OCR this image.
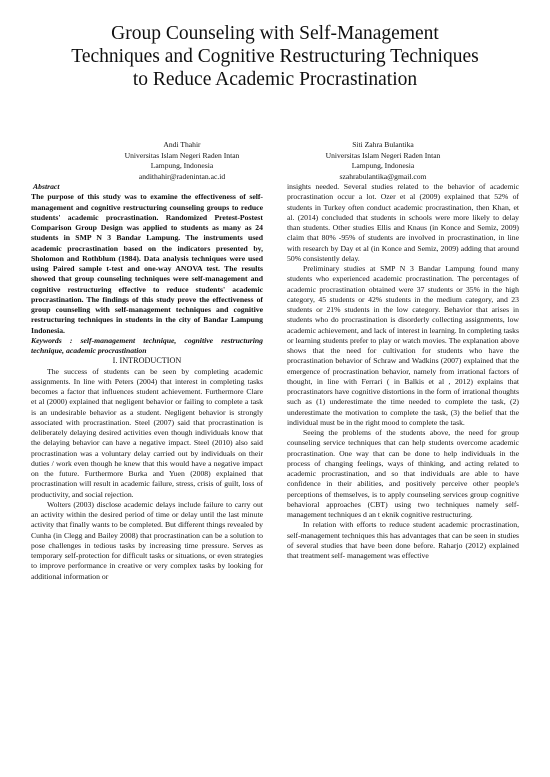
Group Counseling with Self-Management
Techniques and Cognitive Restructuring Techniques
to Reduce Academic Procrastination
Andi Thahir
Universitas Islam Negeri Raden Intan
Lampung, Indonesia
andithahir@radenintan.ac.id
Siti Zahra Bulantika
Universitas Islam Negeri Raden Intan
Lampung, Indonesia
szahrabulantika@gmail.com

Abstract

The purpose of this study was to examine the effectiveness of self-management and cognitive restructuring counseling groups to reduce students' academic procrastination. Randomized Pretest-Postest Comparison Group Design was applied to students as many as 24 students in SMP N 3 Bandar Lampung. The instruments used academic procrastination based on the indicators presented by, Sholomon and Rothblum (1984). Data analysis techniques were used using Paired sample t-test and one-way ANOVA test. The results showed that group counseling techniques were self-management and cognitive restructuring effective to reduce students' academic procrastination. The findings of this study prove the effectiveness of group counseling with self-management techniques and cognitive restructuring techniques in students in the city of Bandar Lampung Indonesia.

Keywords : self-management technique, cognitive restructuring technique, academic procrastination

I. INTRODUCTION

The success of students can be seen by completing academic assignments. In line with Peters (2004) that interest in completing tasks becomes a factor that influences student achievement. Furthermore Clare et al (2000) explained that negligent behavior or failing to complete a task is an undesirable behavior as a student. Negligent behavior is strongly associated with procrastination. Steel (2007) said that procrastination is deliberately delaying desired activities even though individuals know that the delaying behavior can have a negative impact. Steel (2010) also said procrastination was a voluntary delay carried out by individuals on their duties / work even though he knew that this would have a negative impact on the future. Furthermore Burka and Yuen (2008) explained that procrastination will result in academic failure, stress, crisis of guilt, loss of productivity, and social rejection.

Wolters (2003) disclose academic delays include failure to carry out an activity within the desired period of time or delay until the last minute activity that finally wants to be completed. But different things revealed by Cunha (in Clegg and Bailey 2008) that procrastination can be a solution to pose challenges in tedious tasks by increasing time pressure. Serves as temporary self-protection for difficult tasks or situations, or even strategies to improve performance in creative or very complex tasks by looking for additional information or

insights needed. Several studies related to the behavior of academic procrastination occur a lot. Ozer et al (2009) explained that 52% of students in Turkey often conduct academic procrastination, then Khan, et al. (2014) concluded that students in schools were more likely to delay than students. Other studies Ellis and Knaus (in Konce and Semiz, 2009) claim that 80% -95% of students are involved in procrastination, in line with research by Day et al (in Konce and Semiz, 2009) adding that around 50% consistently delay.

Preliminary studies at SMP N 3 Bandar Lampung found many students who experienced academic procrastination. The percentages of academic procrastination obtained were 37 students or 35% in the high category, 45 students or 42% students in the medium category, and 23 students or 21% students in the low category. Behavior that arises in students who do procrastination is disorderly collecting assignments, low academic achievement, and lack of interest in learning. In completing tasks or learning students prefer to play or watch movies. The explanation above shows that the need for cultivation for students who have the procrastination behavior of Schraw and Wadkins (2007) explained that the emergence of procrastination behavior, namely from irrational factors of thought, in line with Ferrari ( in Balkis et al , 2012) explains that procrastinators have cognitive distortions in the form of irrational thoughts such as (1) underestimate the time needed to complete the task, (2) underestimate the motivation to complete the task, (3) the belief that the individual must be in the right mood to complete the task.

Seeing the problems of the students above, the need for group counseling service techniques that can help students overcome academic procrastination. One way that can be done to help individuals in the process of changing feelings, ways of thinking, and acting related to academic procrastination, and so that individuals are able to have confidence in their abilities, and positively perceive other people's perceptions of themselves, is to apply counseling services group cognitive behavioral approaches (CBT) using two techniques namely self-management techniques d an t eknik cognitive restructuring.

In relation with efforts to reduce student academic procrastination, self-management techniques this has advantages that can be seen in studies of several studies that have been done before. Raharjo (2012) explained that treatment self- management was effective
